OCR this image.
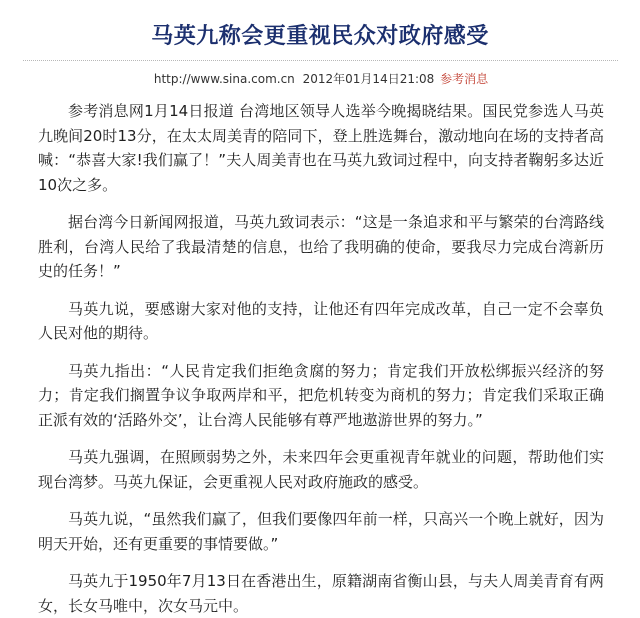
马英九称会更重视民众对政府感受
http://www.sina.com.cn 2012年01月14日21:08 参考消息

参考消息网1月14日报道 台湾地区领导人选举今晚揭晓结果。国民党参选人马英九晚间20时13分，在太太周美青的陪同下，登上胜选舞台，激动地向在场的支持者高喊：“恭喜大家!我们赢了！”夫人周美青也在马英九致词过程中，向支持者鞠躬多达近10次之多。

据台湾今日新闻网报道，马英九致词表示：“这是一条追求和平与繁荣的台湾路线胜利，台湾人民给了我最清楚的信息，也给了我明确的使命，要我尽力完成台湾新历史的任务！”

马英九说，要感谢大家对他的支持，让他还有四年完成改革，自己一定不会辜负人民对他的期待。

马英九指出：“人民肯定我们拒绝贪腐的努力；肯定我们开放松绑振兴经济的努力；肯定我们搁置争议争取两岸和平，把危机转变为商机的努力；肯定我们采取正确正派有效的‘活路外交’，让台湾人民能够有尊严地遨游世界的努力。”

马英九强调，在照顾弱势之外，未来四年会更重视青年就业的问题，帮助他们实现台湾梦。马英九保证，会更重视人民对政府施政的感受。

马英九说，“虽然我们赢了，但我们要像四年前一样，只高兴一个晚上就好，因为明天开始，还有更重要的事情要做。”

马英九于1950年7月13日在香港出生，原籍湖南省衡山县，与夫人周美青育有两女，长女马唯中，次女马元中。
